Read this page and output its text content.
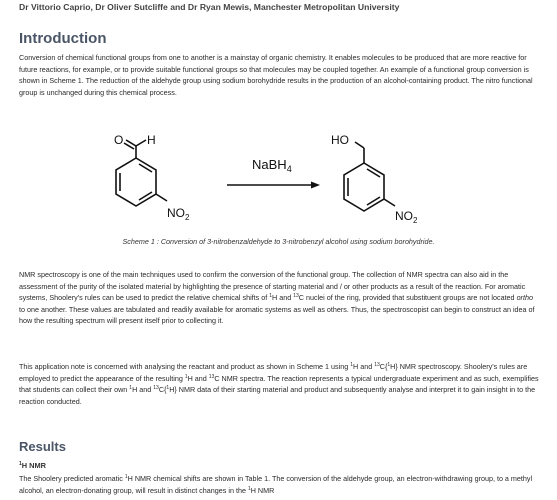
Dr Vittorio Caprio, Dr Oliver Sutcliffe and Dr Ryan Mewis, Manchester Metropolitan University
Introduction

Conversion of chemical functional groups from one to another is a mainstay of organic chemistry. It enables molecules to be produced that are more reactive for future reactions, for example, or to provide suitable functional groups so that molecules may be coupled together. An example of a functional group conversion is shown in Scheme 1. The reduction of the aldehyde group using sodium borohydride results in the production of an alcohol-containing product. The nitro functional group is unchanged during this chemical process.

O H
$NO_2$
NaBH$_4$
HO
$NO_2$
Scheme 1 : Conversion of 3-nitrobenzaldehyde to 3-nitrobenzyl alcohol using sodium borohydride.

NMR spectroscopy is one of the main techniques used to confirm the conversion of the functional group. The collection of NMR spectra can also aid in the assessment of the purity of the isolated material by highlighting the presence of starting material and / or other products as a result of the reaction. For aromatic systems, Shoolery's rules can be used to predict the relative chemical shifts of $^1$H and $^{13}$C nuclei of the ring, provided that substituent groups are not located ortho to one another. These values are tabulated and readily available for aromatic systems as well as others. Thus, the spectroscopist can begin to construct an idea of how the resulting spectrum will present itself prior to collecting it.

This application note is concerned with analysing the reactant and product as shown in Scheme 1 using $^1$H and $^{13}$C{$^1$H} NMR spectroscopy. Shoolery's rules are employed to predict the appearance of the resulting $^1$H and $^{13}$C NMR spectra. The reaction represents a typical undergraduate experiment and as such, exemplifies that students can collect their own $^1$H and $^{13}$C{$^1$H} NMR data of their starting material and product and subsequently analyse and interpret it to gain insight in to the reaction conducted.

Results
$^1$H NMR

The Shoolery predicted aromatic $^1$H NMR chemical shifts are shown in Table 1. The conversion of the aldehyde group, an electron-withdrawing group, to a methyl alcohol, an electron-donating group, will result in distinct changes in the $^1$H NMR
